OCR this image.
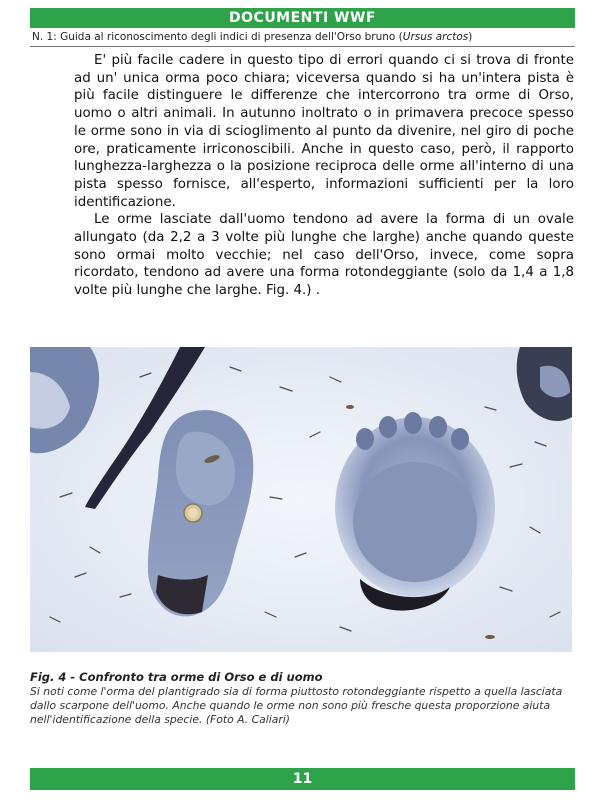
DOCUMENTI WWF
N. 1: Guida al riconoscimento degli indici di presenza dell'Orso bruno (Ursus arctos)

E' più facile cadere in questo tipo di errori quando ci si trova di fronte ad un' unica orma poco chiara; viceversa quando si ha un'intera pista è più facile distinguere le differenze che intercorrono tra orme di Orso, uomo o altri animali. In autunno inoltrato o in primavera precoce spesso le orme sono in via di scioglimento al punto da divenire, nel giro di poche ore, praticamente irriconoscibili. Anche in questo caso, però, il rapporto lunghezza-larghezza o la posizione reciproca delle orme all'interno di una pista spesso fornisce, all'esperto, informazioni sufficienti per la loro identificazione.

Le orme lasciate dall'uomo tendono ad avere la forma di un ovale allungato (da 2,2 a 3 volte più lunghe che larghe) anche quando queste sono ormai molto vecchie; nel caso dell'Orso, invece, come sopra ricordato, tendono ad avere una forma rotondeggiante (solo da 1,4 a 1,8 volte più lunghe che larghe. Fig. 4.) .

Fig. 4 - Confronto tra orme di Orso e di uomo
Si noti come l'orma del plantigrado sia di forma piuttosto rotondeggiante rispetto a quella lasciata dallo scarpone dell'uomo. Anche quando le orme non sono più fresche questa proporzione aiuta nell'identificazione della specie. (Foto A. Caliari)
11
